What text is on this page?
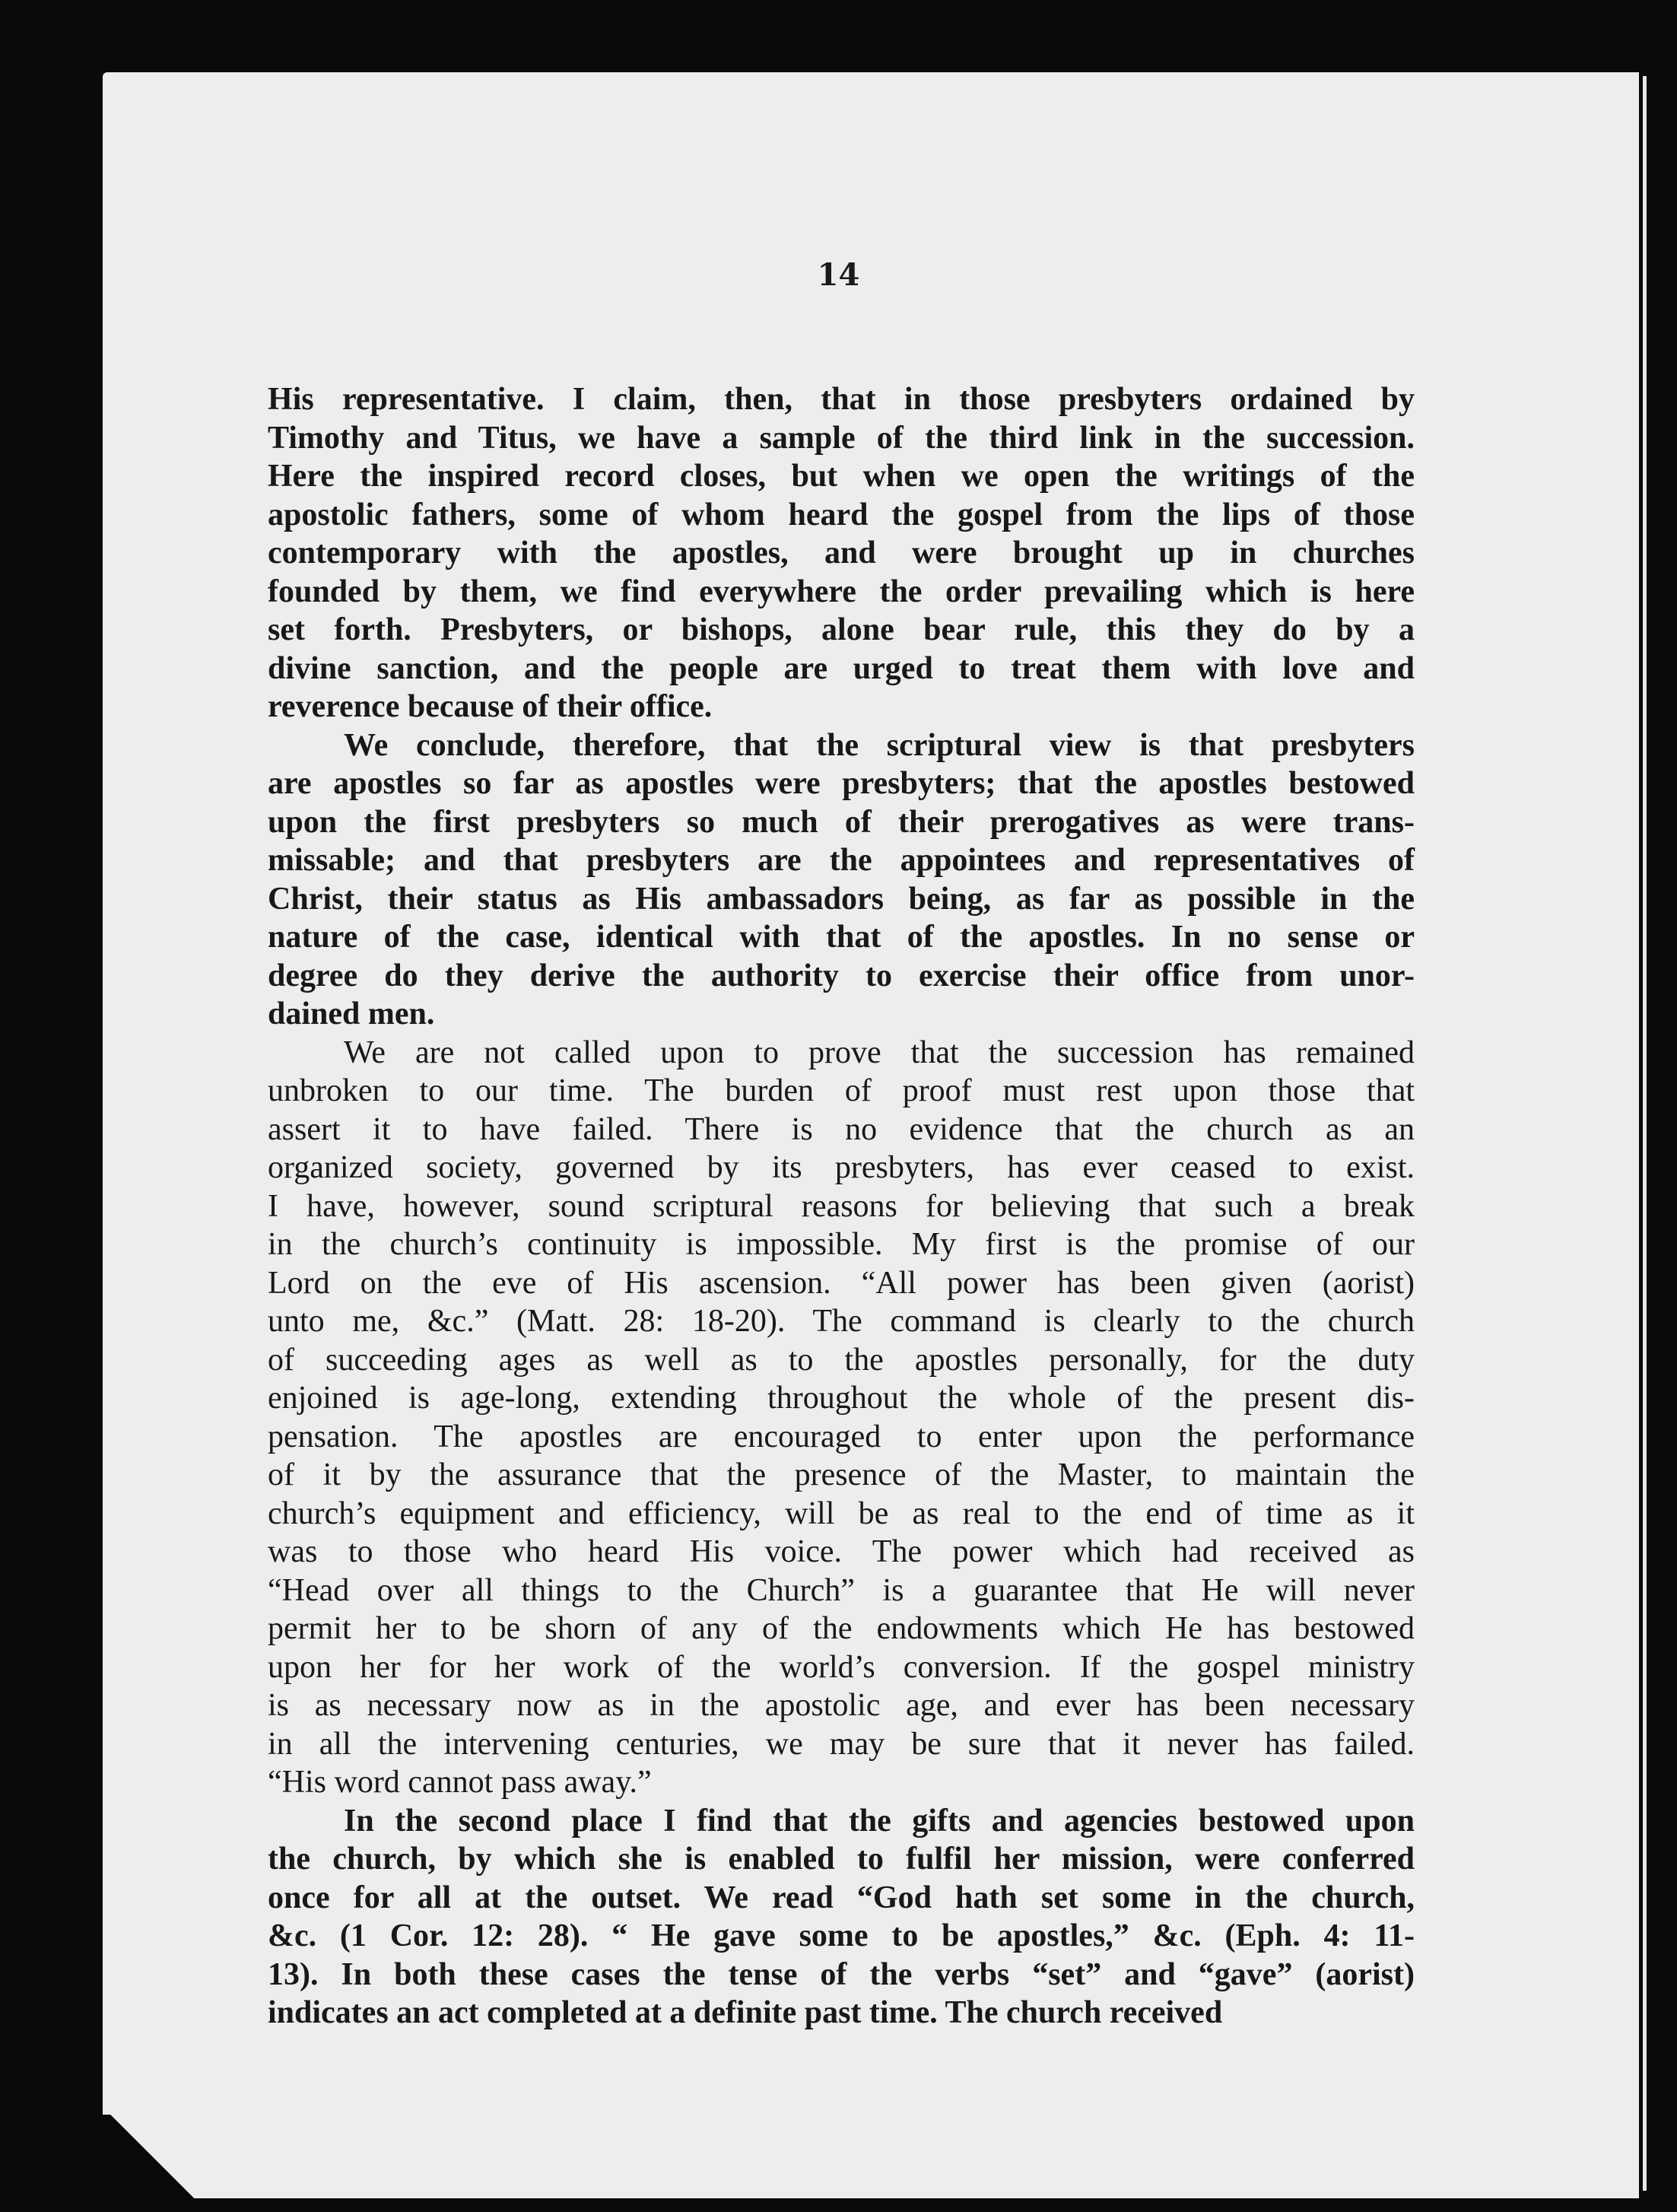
14
His representative. I claim, then, that in those presbyters ordained by
Timothy and Titus, we have a sample of the third link in the succession.
Here the inspired record closes, but when we open the writings of the
apostolic fathers, some of whom heard the gospel from the lips of those
contemporary with the apostles, and were brought up in churches
founded by them, we find everywhere the order prevailing which is here
set forth. Presbyters, or bishops, alone bear rule, this they do by a
divine sanction, and the people are urged to treat them with love and
reverence because of their office.
We conclude, therefore, that the scriptural view is that presbyters
are apostles so far as apostles were presbyters; that the apostles bestowed
upon the first presbyters so much of their prerogatives as were trans-
missable; and that presbyters are the appointees and representatives of
Christ, their status as His ambassadors being, as far as possible in the
nature of the case, identical with that of the apostles. In no sense or
degree do they derive the authority to exercise their office from unor-
dained men.
We are not called upon to prove that the succession has remained
unbroken to our time. The burden of proof must rest upon those that
assert it to have failed. There is no evidence that the church as an
organized society, governed by its presbyters, has ever ceased to exist.
I have, however, sound scriptural reasons for believing that such a break
in the church’s continuity is impossible. My first is the promise of our
Lord on the eve of His ascension. “All power has been given (aorist)
unto me, &c.” (Matt. 28: 18-20). The command is clearly to the church
of succeeding ages as well as to the apostles personally, for the duty
enjoined is age-long, extending throughout the whole of the present dis-
pensation. The apostles are encouraged to enter upon the performance
of it by the assurance that the presence of the Master, to maintain the
church’s equipment and efficiency, will be as real to the end of time as it
was to those who heard His voice. The power which had received as
“Head over all things to the Church” is a guarantee that He will never
permit her to be shorn of any of the endowments which He has bestowed
upon her for her work of the world’s conversion. If the gospel ministry
is as necessary now as in the apostolic age, and ever has been necessary
in all the intervening centuries, we may be sure that it never has failed.
“His word cannot pass away.”
In the second place I find that the gifts and agencies bestowed upon
the church, by which she is enabled to fulfil her mission, were conferred
once for all at the outset. We read “God hath set some in the church,
&c. (1 Cor. 12: 28). “ He gave some to be apostles,” &c. (Eph. 4: 11-
13). In both these cases the tense of the verbs “set” and “gave” (aorist)
indicates an act completed at a definite past time. The church received
